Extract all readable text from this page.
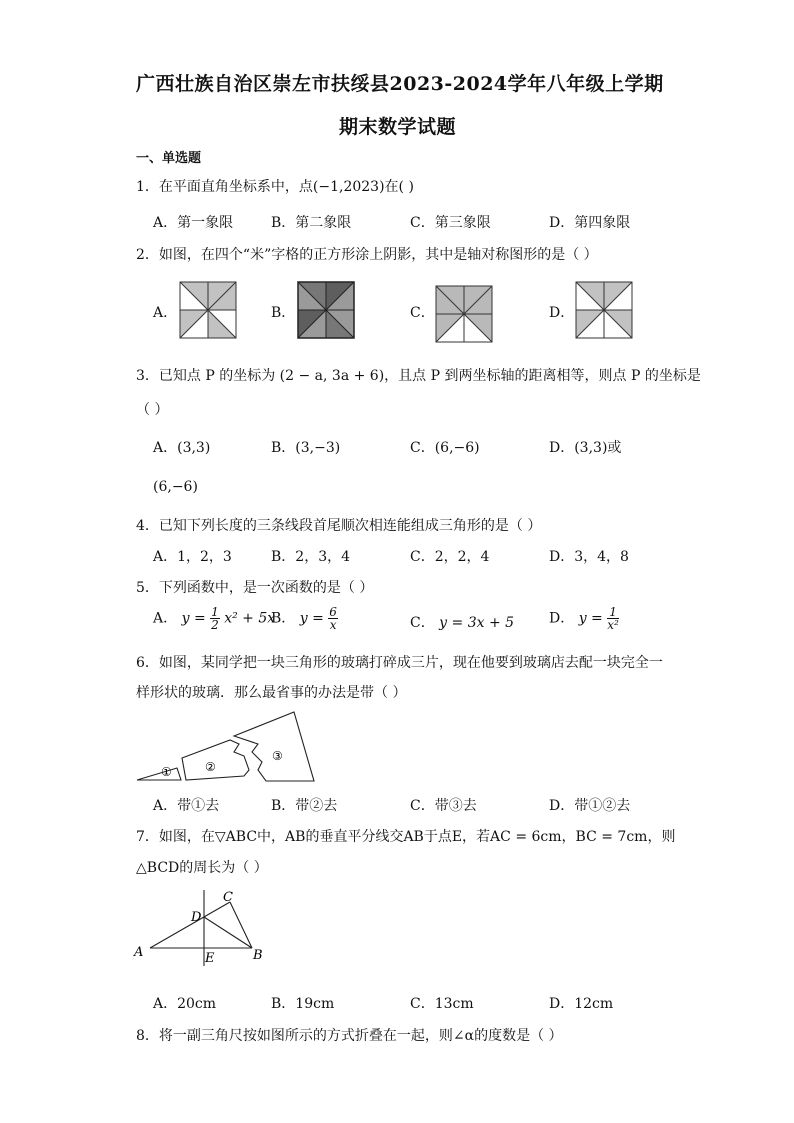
广西壮族自治区崇左市扶绥县2023-2024学年八年级上学期
期末数学试题
一、单选题
1．在平面直角坐标系中，点(−1,2023)在( )
A．第一象限	B．第二象限	C．第三象限	D．第四象限
2．如图，在四个“米”字格的正方形涂上阴影，其中是轴对称图形的是（ ）
A．	B．	C．	D．
3．已知点 P 的坐标为 (2 − a, 3a + 6)，且点 P 到两坐标轴的距离相等，则点 P 的坐标是
（ ）
A．(3,3)	B．(3,−3)	C．(6,−6)	D．(3,3)或
(6,−6)
4．已知下列长度的三条线段首尾顺次相连能组成三角形的是（ ）
A．1，2，3	B．2，3，4	C．2，2，4	D．3，4，8
5．下列函数中，是一次函数的是（ ）
A． $y = \frac{1}{2} x^2 + 5x$
B． $y = \frac{6}{x}$	C． y = 3x + 5 D． $y = \frac{1}{\text{x²}}$
6．如图，某同学把一块三角形的玻璃打碎成三片，现在他要到玻璃店去配一块完全一
样形状的玻璃．那么最省事的办法是带（ ）
①	②
③
A．带①去	B．带②去	C．带③去	D．带①②去
7．如图，在▽ABC中，AB的垂直平分线交AB于点E，若AC = 6cm，BC = 7cm，则
△BCD的周长为（ ）
A	B
C
D
E
A．20cm	B．19cm	C．13cm	D．12cm
8．将一副三角尺按如图所示的方式折叠在一起，则∠α的度数是（ ）
